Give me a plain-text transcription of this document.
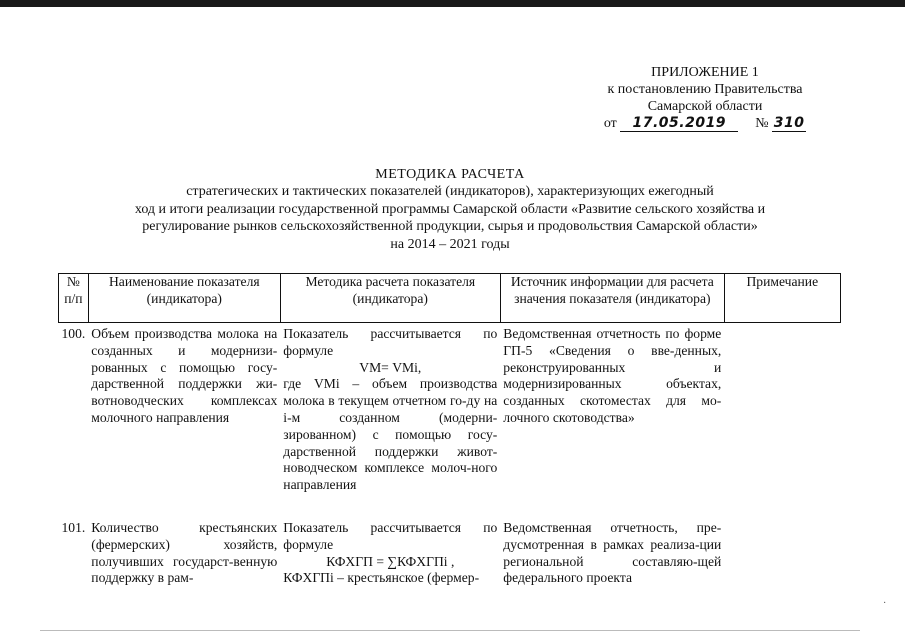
ПРИЛОЖЕНИЕ 1
к постановлению Правительства
Самарской области
от 17.05.2019 № 310
МЕТОДИКА РАСЧЕТА
стратегических и тактических показателей (индикаторов), характеризующих ежегодный
ход и итоги реализации государственной программы Самарской области «Развитие сельского хозяйства и
регулирование рынков сельскохозяйственной продукции, сырья и продовольствия Самарской области»
на 2014 – 2021 годы
№ п/п	Наименование показателя (индикатора)	Методика расчета показателя (индикатора)	Источник информации для расчета значения показателя (индикатора)	Примечание
100.	Объем производства молока на созданных и модернизи-рованных с помощью госу-дарственной поддержки жи-вотноводческих комплексах молочного направления	Показатель рассчитывается по формуле
VМ= VМi,
где VМi – объем производства молока в текущем отчетном го-ду на i-м созданном (модерни-зированном) с помощью госу-дарственной поддержки живот-новодческом комплексе молоч-ного направления	Ведомственная отчетность по форме ГП-5 «Сведения о вве-денных, реконструированных и модернизированных объектах, созданных скотоместах для мо-лочного скотоводства»	
101.	Количество крестьянских (фермерских) хозяйств, получивших государст-венную поддержку в рам-	Показатель рассчитывается по формуле
КФХГП = ∑КФХГПi ,
КФХГПi – крестьянское (фермер-	Ведомственная отчетность, пре-дусмотренная в рамках реализа-ции региональной составляю-щей федерального проекта	
·
